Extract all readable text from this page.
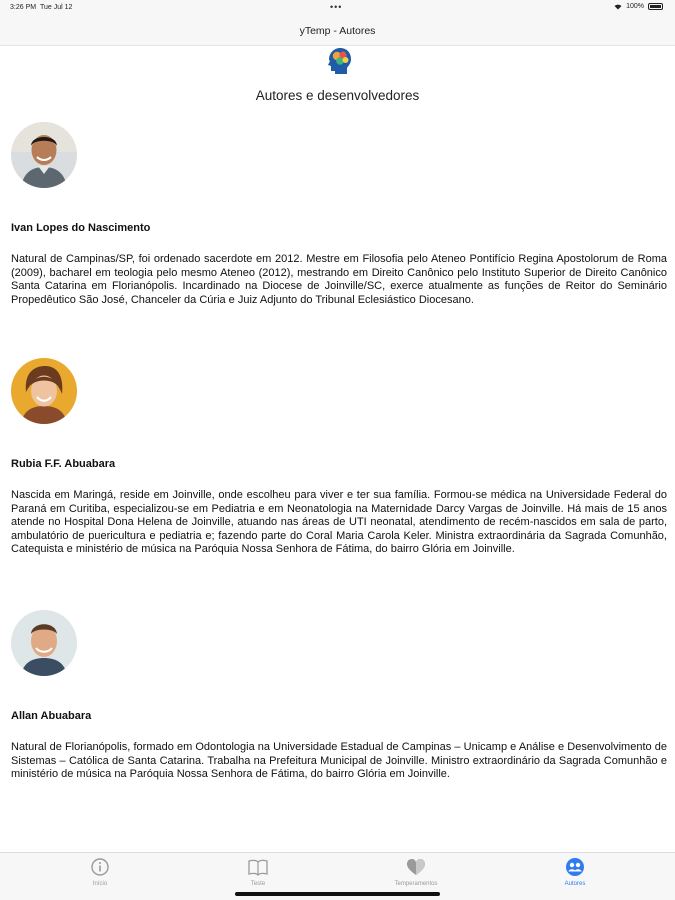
3:26 PM Tue Jul 12	•••	100%
yTemp - Autores
Autores e desenvolvedores
Ivan Lopes do Nascimento
Natural de Campinas/SP, foi ordenado sacerdote em 2012. Mestre em Filosofia pelo Ateneo Pontifício Regina Apostolorum de Roma (2009), bacharel em teologia pelo mesmo Ateneo (2012), mestrando em Direito Canônico pelo Instituto Superior de Direito Canônico Santa Catarina em Florianópolis. Incardinado na Diocese de Joinville/SC, exerce atualmente as funções de Reitor do Seminário Propedêutico São José, Chanceler da Cúria e Juiz Adjunto do Tribunal Eclesiástico Diocesano.
Rubia F.F. Abuabara
Nascida em Maringá, reside em Joinville, onde escolheu para viver e ter sua família. Formou-se médica na Universidade Federal do Paraná em Curitiba, especializou-se em Pediatria e em Neonatologia na Maternidade Darcy Vargas de Joinville. Há mais de 15 anos atende no Hospital Dona Helena de Joinville, atuando nas áreas de UTI neonatal, atendimento de recém-nascidos em sala de parto, ambulatório de puericultura e pediatria e; fazendo parte do Coral Maria Carola Keler. Ministra extraordinária da Sagrada Comunhão, Catequista e ministério de música na Paróquia Nossa Senhora de Fátima, do bairro Glória em Joinville.
Allan Abuabara
Natural de Florianópolis, formado em Odontologia na Universidade Estadual de Campinas – Unicamp e Análise e Desenvolvimento de Sistemas – Católica de Santa Catarina. Trabalha na Prefeitura Municipal de Joinville. Ministro extraordinário da Sagrada Comunhão e ministério de música na Paróquia Nossa Senhora de Fátima, do bairro Glória em Joinville.
Início	Teste	Temperamentos	Autores
